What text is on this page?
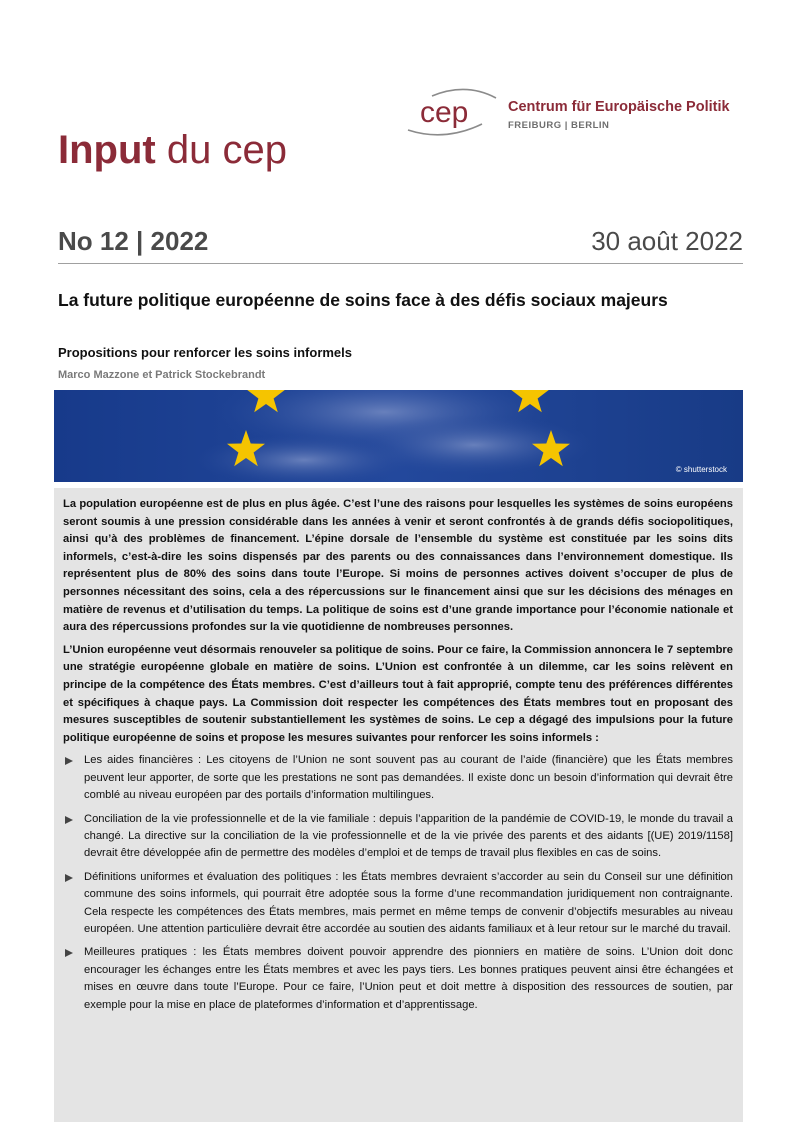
cep	Centrum für Europäische Politik
FREIBURG | BERLIN
Input du cep
No 12 | 2022	30 août 2022
La future politique européenne de soins face à des défis sociaux majeurs
Propositions pour renforcer les soins informels
Marco Mazzone et Patrick Stockebrandt
© shutterstock

La population européenne est de plus en plus âgée. C’est l’une des raisons pour lesquelles les systèmes de soins européens seront soumis à une pression considérable dans les années à venir et seront confrontés à de grands défis sociopolitiques, ainsi qu’à des problèmes de financement. L’épine dorsale de l’ensemble du système est constituée par les soins dits informels, c’est-à-dire les soins dispensés par des parents ou des connaissances dans l’environnement domestique. Ils représentent plus de 80% des soins dans toute l’Europe. Si moins de personnes actives doivent s’occuper de plus de personnes nécessitant des soins, cela a des répercussions sur le financement ainsi que sur les décisions des ménages en matière de revenus et d’utilisation du temps. La politique de soins est d’une grande importance pour l’économie nationale et aura des répercussions profondes sur la vie quotidienne de nombreuses personnes.

L’Union européenne veut désormais renouveler sa politique de soins. Pour ce faire, la Commission annoncera le 7 septembre une stratégie européenne globale en matière de soins. L’Union est confrontée à un dilemme, car les soins relèvent en principe de la compétence des États membres. C’est d’ailleurs tout à fait approprié, compte tenu des préférences différentes et spécifiques à chaque pays. La Commission doit respecter les compétences des États membres tout en proposant des mesures susceptibles de soutenir substantiellement les systèmes de soins. Le cep a dégagé des impulsions pour la future politique européenne de soins et propose les mesures suivantes pour renforcer les soins informels :

Les aides financières : Les citoyens de l’Union ne sont souvent pas au courant de l’aide (financière) que les États membres peuvent leur apporter, de sorte que les prestations ne sont pas demandées. Il existe donc un besoin d’information qui devrait être comblé au niveau européen par des portails d’information multilingues.
Conciliation de la vie professionnelle et de la vie familiale : depuis l’apparition de la pandémie de COVID-19, le monde du travail a changé. La directive sur la conciliation de la vie professionnelle et de la vie privée des parents et des aidants [(UE) 2019/1158] devrait être développée afin de permettre des modèles d’emploi et de temps de travail plus flexibles en cas de soins.
Définitions uniformes et évaluation des politiques : les États membres devraient s’accorder au sein du Conseil sur une définition commune des soins informels, qui pourrait être adoptée sous la forme d’une recommandation juridiquement non contraignante. Cela respecte les compétences des États membres, mais permet en même temps de convenir d’objectifs mesurables au niveau européen. Une attention particulière devrait être accordée au soutien des aidants familiaux et à leur retour sur le marché du travail.
Meilleures pratiques : les États membres doivent pouvoir apprendre des pionniers en matière de soins. L’Union doit donc encourager les échanges entre les États membres et avec les pays tiers. Les bonnes pratiques peuvent ainsi être échangées et mises en œuvre dans toute l’Europe. Pour ce faire, l’Union peut et doit mettre à disposition des ressources de soutien, par exemple pour la mise en place de plateformes d’information et d’apprentissage.
